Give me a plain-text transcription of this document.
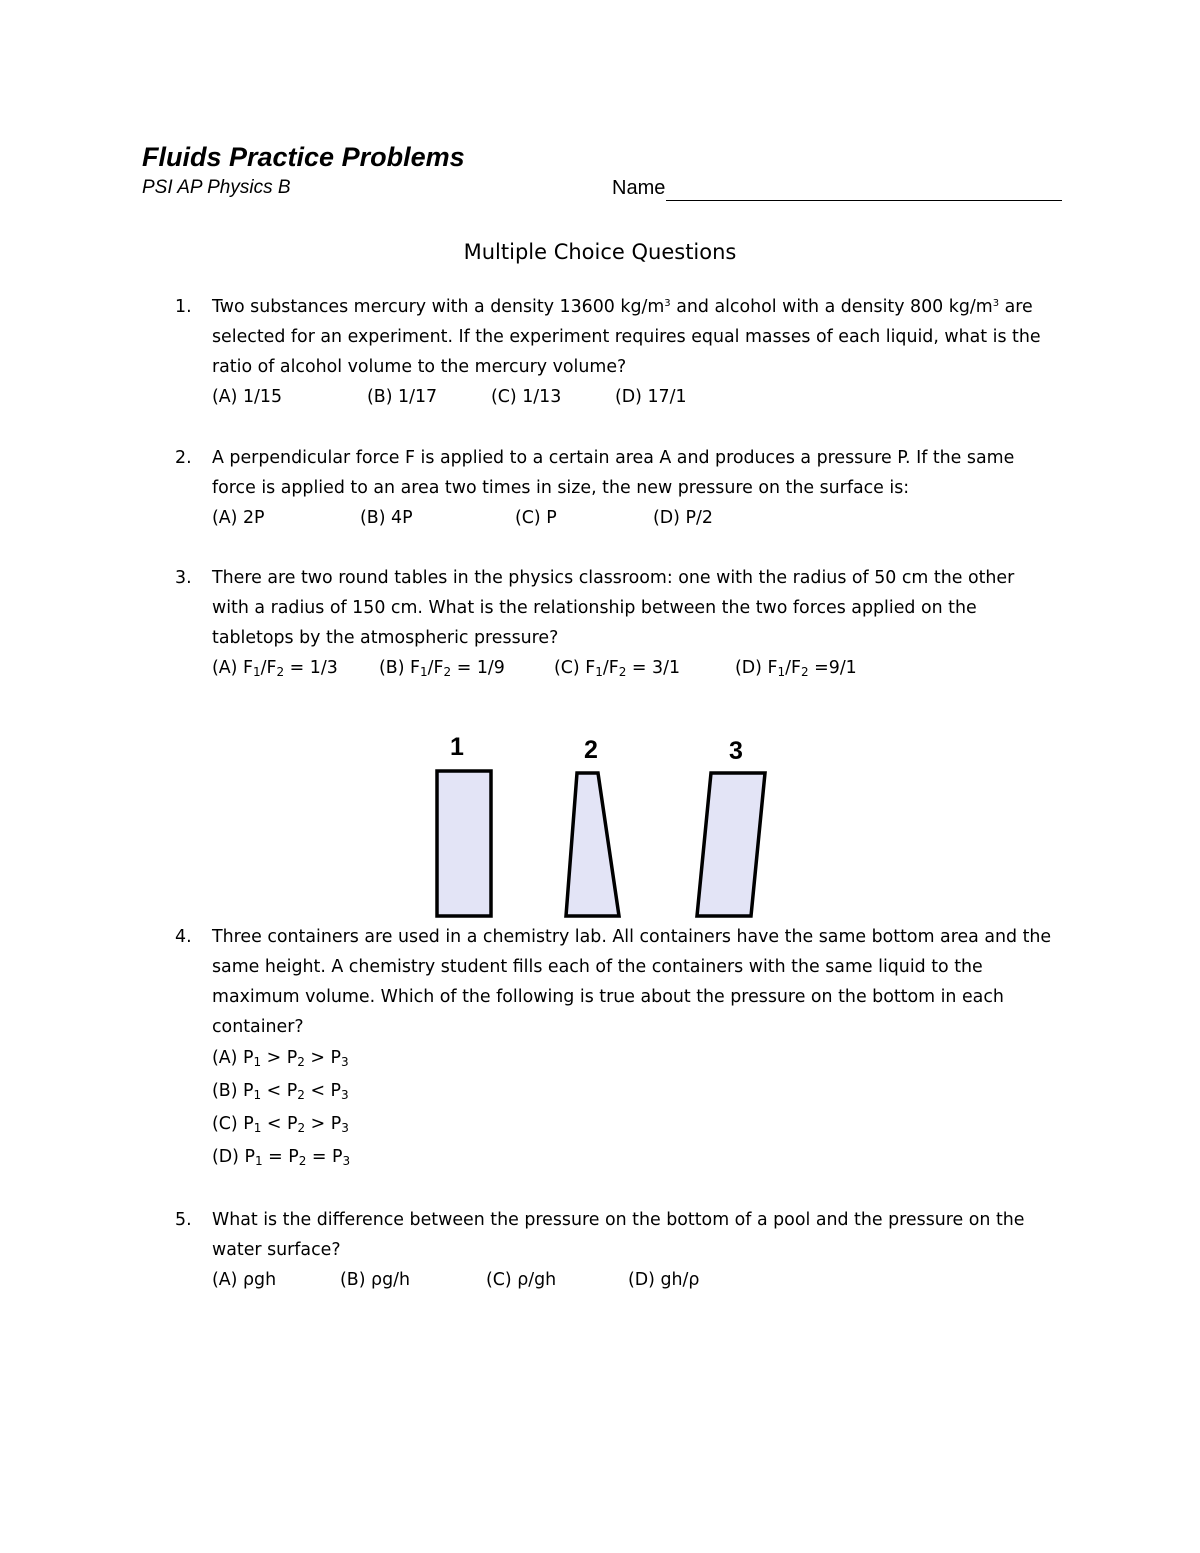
Fluids Practice Problems
PSI AP Physics B	Name
Multiple Choice Questions
1.	Two substances mercury with a density 13600 $kg/m^3$ and alcohol with a density 800 $kg/m^3$ are
selected for an experiment. If the experiment requires equal masses of each liquid, what is the
ratio of alcohol volume to the mercury volume?
(A) 1/15	(B) 1/17	(C) 1/13	(D) 17/1
2.	A perpendicular force F is applied to a certain area A and produces a pressure P. If the same
force is applied to an area two times in size, the new pressure on the surface is:
(A) 2P	(B) 4P	(C) P	(D) P/2
3.	There are two round tables in the physics classroom: one with the radius of 50 cm the other
with a radius of 150 cm. What is the relationship between the two forces applied on the
tabletops by the atmospheric pressure?
(A) $F_1/F_2 = 1/3$ (B) $F_1/F_2 = 1/9$	(C) $F_1/F_2 = 3/1$	(D) $F_1/F_2 =9/1$
1	2	3
4.	Three containers are used in a chemistry lab. All containers have the same bottom area and the
same height. A chemistry student fills each of the containers with the same liquid to the
maximum volume. Which of the following is true about the pressure on the bottom in each
container?
(A) $P_1 > P_2 > P_3$
(B) $P_1 < P_2 < P_3$
(C) $P_1 < P_2 > P_3$
(D) $P_1 = P_2 = P_3$
5.	What is the difference between the pressure on the bottom of a pool and the pressure on the
water surface?
(A) ρgh	(B) ρg/h	(C) ρ/gh	(D) gh/ρ
